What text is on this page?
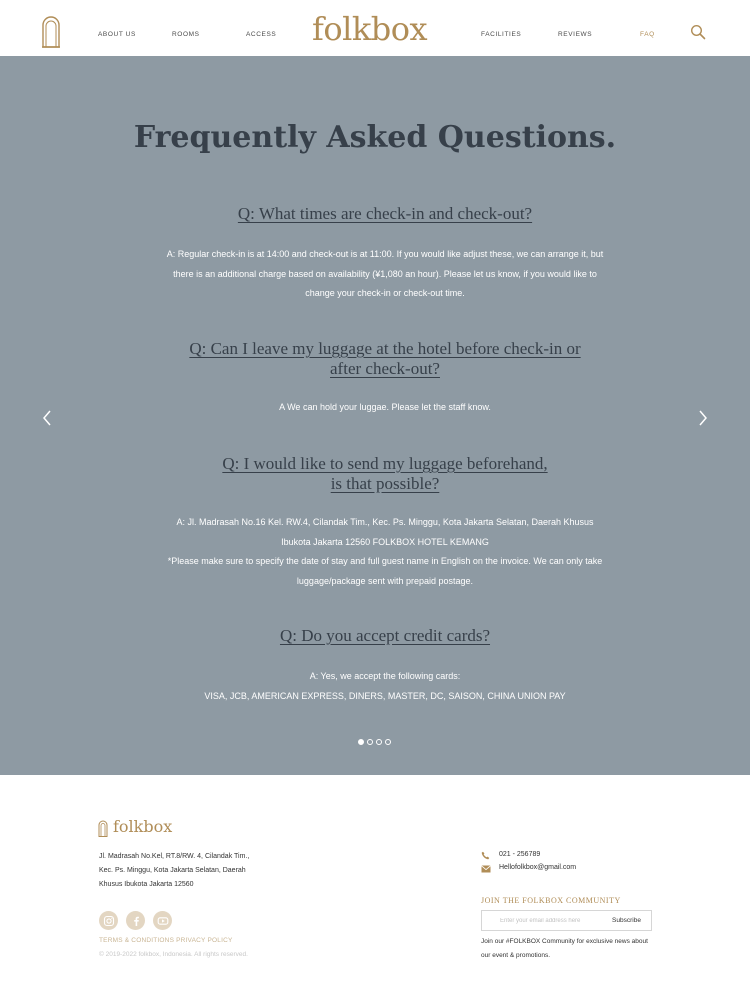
ABOUT US	ROOMS	ACCESS folkbox	FACILITIES	REVIEWS	FAQ
Frequently Asked Questions.
Q: What times are check-in and check-out?
A: Regular check-in is at 14:00 and check-out is at 11:00. If you would like adjust these, we can arrange it, but there is an additional charge based on availability (¥1,080 an hour). Please let us know, if you would like to change your check-in or check-out time.
Q: Can I leave my luggage at the hotel before check-in or
after check-out?
A We can hold your luggae. Please let the staff know.
Q: I would like to send my luggage beforehand,
is that possible?
A: Jl. Madrasah No.16 Kel. RW.4, Cilandak Tim., Kec. Ps. Minggu, Kota Jakarta Selatan, Daerah Khusus Ibukota Jakarta 12560 FOLKBOX HOTEL KEMANG
*Please make sure to specify the date of stay and full guest name in English on the invoice. We can only take luggage/package sent with prepaid postage.
Q: Do you accept credit cards?
A: Yes, we accept the following cards:
VISA, JCB, AMERICAN EXPRESS, DINERS, MASTER, DC, SAISON, CHINA UNION PAY
folkbox
Jl. Madrasah No.Kel, RT.8/RW. 4, Cilandak Tim.,
Kec. Ps. Minggu, Kota Jakarta Selatan, Daerah
Khusus Ibukota Jakarta 12560
TERMS & CONDITIONS PRIVACY POLICY
© 2019-2022 folkbox, Indonesia. All rights reserved.
021 - 256789
Hellofolkbox@gmail.com
JOIN THE FOLKBOX COMMUNITY
Enter your email address here
Subscribe
Join our #FOLKBOX Community for exclusive news about our event & promotions.
